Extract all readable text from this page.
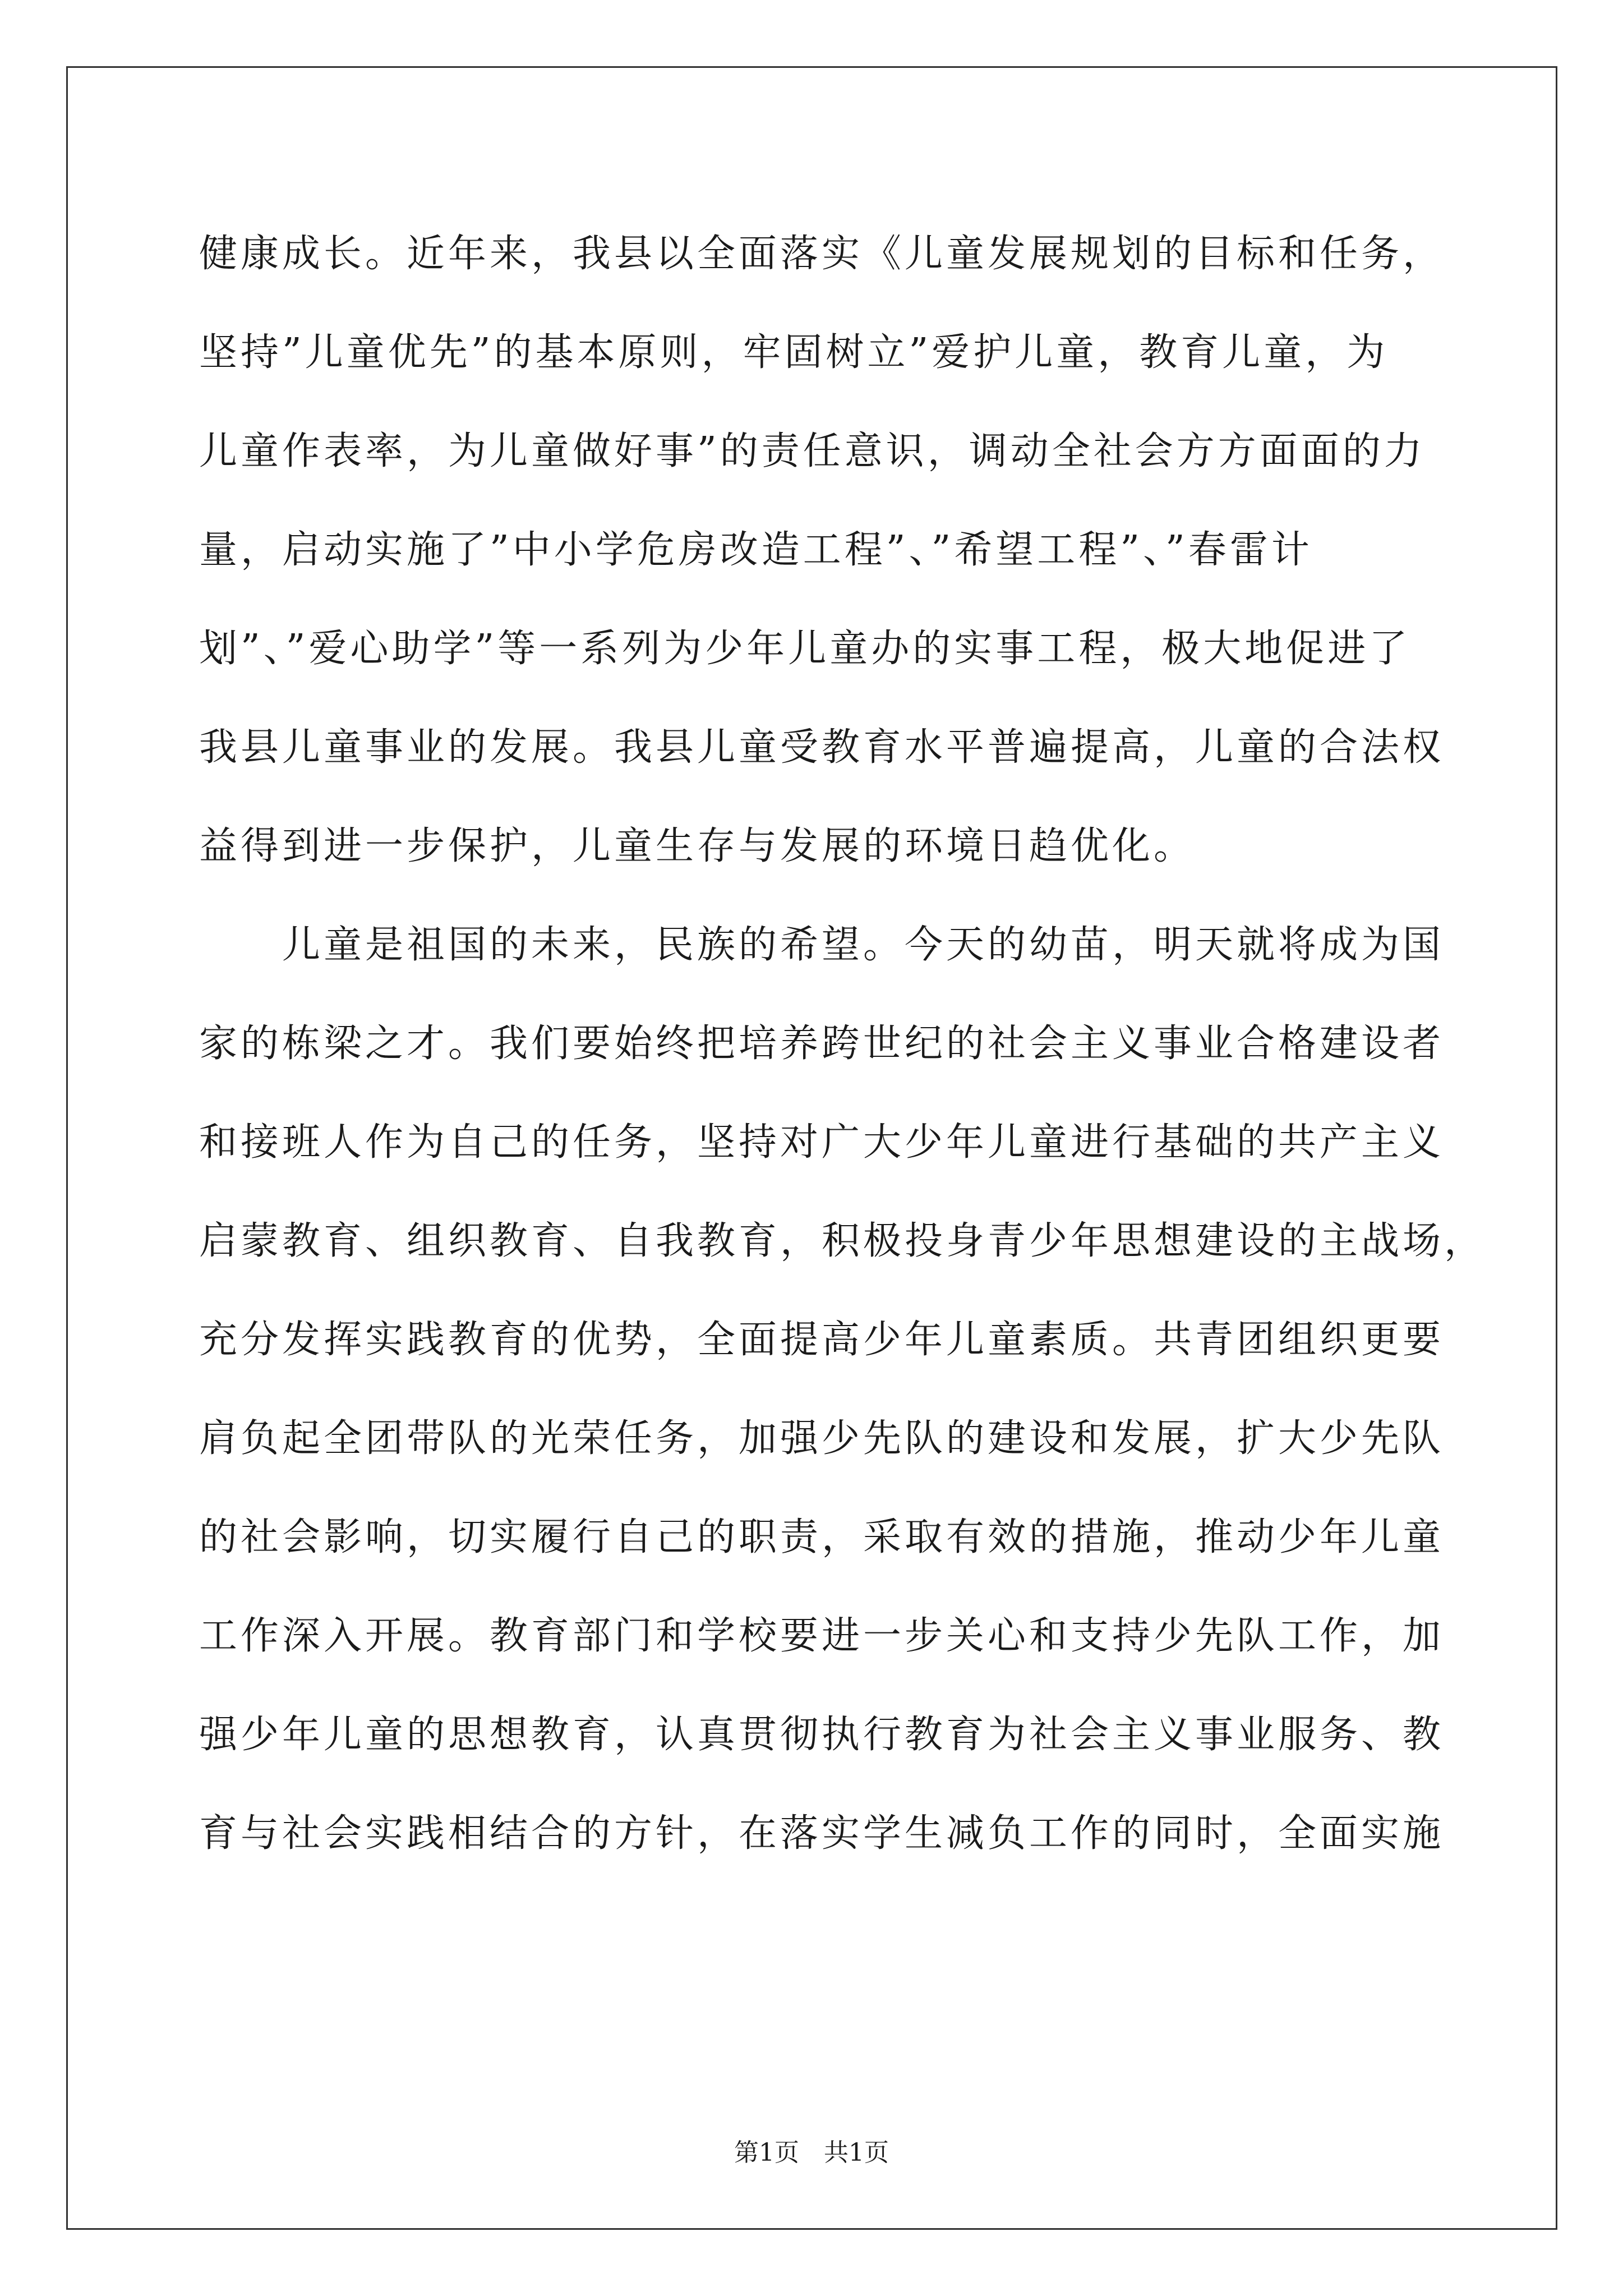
健康成长。近年来，我县以全面落实《儿童发展规划的目标和任务，
坚持”儿童优先”的基本原则，牢固树立”爱护儿童，教育儿童，为
儿童作表率，为儿童做好事”的责任意识，调动全社会方方面面的力
量，启动实施了”中小学危房改造工程”、”希望工程”、”春雷计
划”、”爱心助学”等一系列为少年儿童办的实事工程，极大地促进了
我县儿童事业的发展。我县儿童受教育水平普遍提高，儿童的合法权
益得到进一步保护，儿童生存与发展的环境日趋优化。
　　儿童是祖国的未来，民族的希望。今天的幼苗，明天就将成为国
家的栋梁之才。我们要始终把培养跨世纪的社会主义事业合格建设者
和接班人作为自己的任务，坚持对广大少年儿童进行基础的共产主义
启蒙教育、组织教育、自我教育，积极投身青少年思想建设的主战场，
充分发挥实践教育的优势，全面提高少年儿童素质。共青团组织更要
肩负起全团带队的光荣任务，加强少先队的建设和发展，扩大少先队
的社会影响，切实履行自己的职责，采取有效的措施，推动少年儿童
工作深入开展。教育部门和学校要进一步关心和支持少先队工作，加
强少年儿童的思想教育，认真贯彻执行教育为社会主义事业服务、教
育与社会实践相结合的方针，在落实学生减负工作的同时，全面实施
第1页　共1页
